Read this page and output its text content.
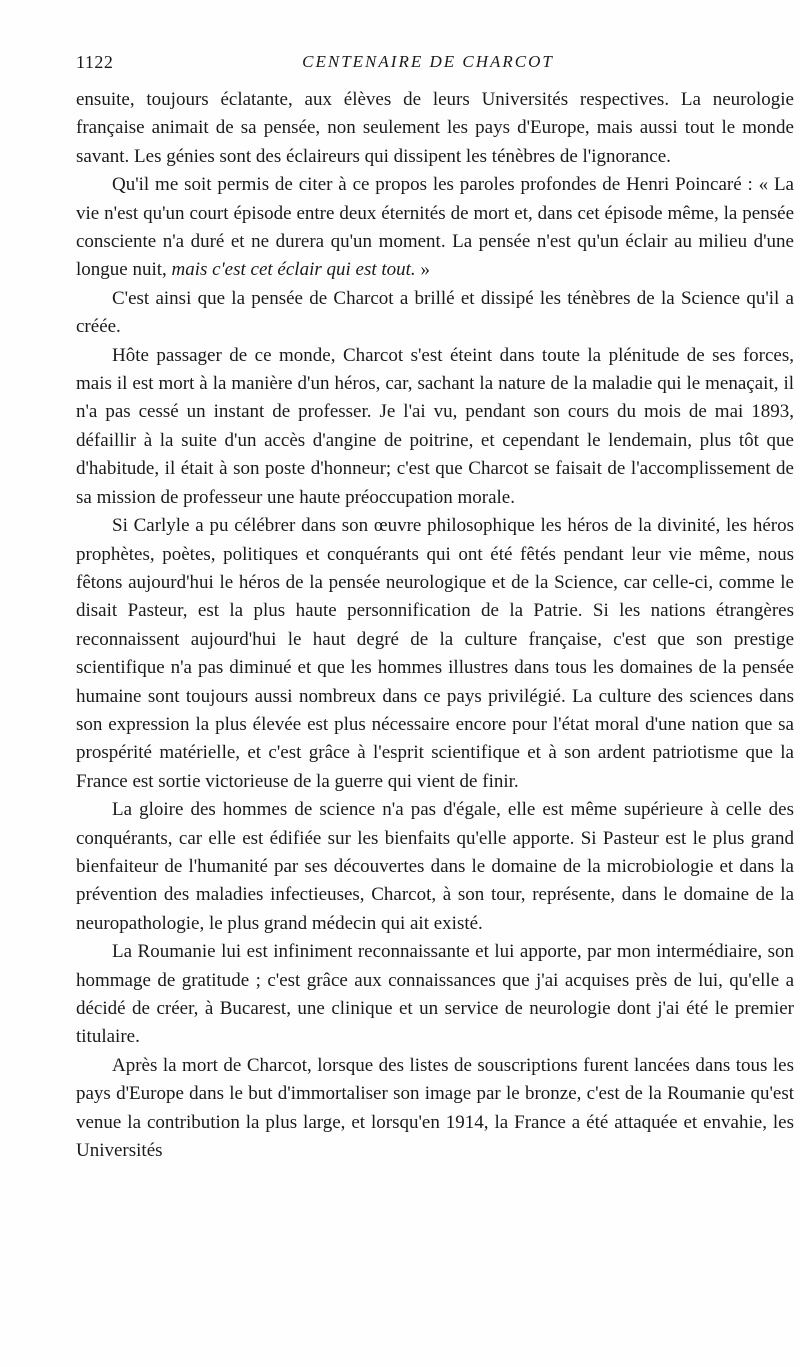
1122	CENTENAIRE DE CHARCOT

ensuite, toujours éclatante, aux élèves de leurs Universités respectives. La neurologie française animait de sa pensée, non seulement les pays d'Europe, mais aussi tout le monde savant. Les génies sont des éclaireurs qui dissipent les ténèbres de l'ignorance.

Qu'il me soit permis de citer à ce propos les paroles profondes de Henri Poincaré : « La vie n'est qu'un court épisode entre deux éternités de mort et, dans cet épisode même, la pensée consciente n'a duré et ne durera qu'un moment. La pensée n'est qu'un éclair au milieu d'une longue nuit, mais c'est cet éclair qui est tout. »

C'est ainsi que la pensée de Charcot a brillé et dissipé les ténèbres de la Science qu'il a créée.

Hôte passager de ce monde, Charcot s'est éteint dans toute la plénitude de ses forces, mais il est mort à la manière d'un héros, car, sachant la nature de la maladie qui le menaçait, il n'a pas cessé un instant de professer. Je l'ai vu, pendant son cours du mois de mai 1893, défaillir à la suite d'un accès d'angine de poitrine, et cependant le lendemain, plus tôt que d'habitude, il était à son poste d'honneur; c'est que Charcot se faisait de l'accomplissement de sa mission de professeur une haute préoccupation morale.

Si Carlyle a pu célébrer dans son œuvre philosophique les héros de la divinité, les héros prophètes, poètes, politiques et conquérants qui ont été fêtés pendant leur vie même, nous fêtons aujourd'hui le héros de la pensée neurologique et de la Science, car celle-ci, comme le disait Pasteur, est la plus haute personnification de la Patrie. Si les nations étrangères reconnaissent aujourd'hui le haut degré de la culture française, c'est que son prestige scientifique n'a pas diminué et que les hommes illustres dans tous les domaines de la pensée humaine sont toujours aussi nombreux dans ce pays privilégié. La culture des sciences dans son expression la plus élevée est plus nécessaire encore pour l'état moral d'une nation que sa prospérité matérielle, et c'est grâce à l'esprit scientifique et à son ardent patriotisme que la France est sortie victorieuse de la guerre qui vient de finir.

La gloire des hommes de science n'a pas d'égale, elle est même supérieure à celle des conquérants, car elle est édifiée sur les bienfaits qu'elle apporte. Si Pasteur est le plus grand bienfaiteur de l'humanité par ses découvertes dans le domaine de la microbiologie et dans la prévention des maladies infectieuses, Charcot, à son tour, représente, dans le domaine de la neuropathologie, le plus grand médecin qui ait existé.

La Roumanie lui est infiniment reconnaissante et lui apporte, par mon intermédiaire, son hommage de gratitude ; c'est grâce aux connaissances que j'ai acquises près de lui, qu'elle a décidé de créer, à Bucarest, une clinique et un service de neurologie dont j'ai été le premier titulaire.

Après la mort de Charcot, lorsque des listes de souscriptions furent lancées dans tous les pays d'Europe dans le but d'immortaliser son image par le bronze, c'est de la Roumanie qu'est venue la contribution la plus large, et lorsqu'en 1914, la France a été attaquée et envahie, les Universités
